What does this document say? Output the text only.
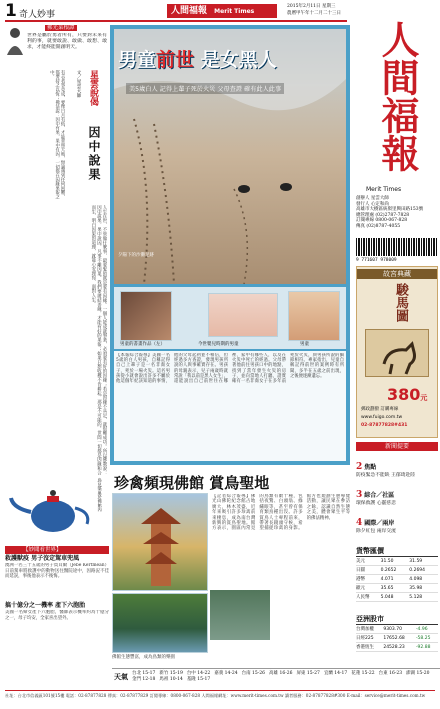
1 奇人妙事	人間福報 Merit Times
2015年2月11日 星期三
農曆甲午年十二月二十三日
佛光菜根譚
世界是屬於勇者所有，只要對未來有利的事，就要敢說、敢做、敢想、敢求，才能終能開創明天。
有志者事竟成，要像日月有恆，才能普照大地，無論遇到任何困難，都要持之以恆；佛法說：因中有果，果中有因，一切都在因緣果報之中。	星雲說偈
文／星雲大師
因中說果
人生在世，不管做什麼事，最要緊的就是要有因緣。一個人能成就事業，必須要有好的因緣；若是因緣不具足，就很難成功。所以佛教說：因中說果，果中說因，凡事不離因果。我們要廣結善緣，才能有好的果報；如果只想收穫不肯耕耘，那是不可能的。世間一切都是因緣和合而生，明白因果的道理，就能心安理得，面對人生。
男童前世 是女黑人
美5歲白人 記得上輩子死於火災 父母查證 確有此人此事
夕陽下的沙灘足跡
男童的書畫作品（左）	今世嬰兒時期的男童	男童
【本報綜合報導】美國一名5歲的白人男孩，自稱記得自己上輩子是一名非裔女子，死於一場火災。這名男孩從小就會說出許多不屬於他這個年紀該知道的事情，他的父母起初並不相信，但經過多方查證，發現男孩所說的人與事確實存在。男孩的母親表示，兒子兩歲時就常說「我以前是黑人女生」，還能說出自己前世住在哪裡、家中有哪些人，以及在火災中死亡的經過。父母帶著他前往男孩口中的地點，找到了當年發生火災的房子，並向當地人打聽，證實確有一名非裔女子在多年前死於火災，與男孩所說的細節相符。專家指出，兒童自稱記得前世的案例時有所聞，多半在五歲之前出現，之後便逐漸遺忘。
鳥兒築巢於佛館內
【妙聞看世界】
救護獸疫 男子沒定駕車兜風
澳洲一名三十五歲的男子賈貝爾（Jebe Kertmean）日前駕車將救護中的動物送往醫院途中，因路況不佳而延誤，事後他表示不後悔。
搞十億分之一機率 產下六胞胎
美國一名婦女產下六胞胎，醫師表示機率約為十億分之一，母子均安，全家喜出望外。
珍禽頻現佛館 賞鳥聖地
佛館生態豐富，成為鳥類的樂園
【記者綜合報導】佛光山佛陀紀念館占地廣大，林木茂盛，近年來吸引許多珍禽前來棲息，成為南台灣新興的賞鳥聖地。館方表示，園區內常見的鳥類有數十種，包括夜鷺、白頭翁、綠繡眼等，甚至曾有保育類鳥種出沒。許多賞鳥人士專程前來，帶著長鏡頭守候，希望捕捉珍禽的身影。館方也規劃生態導覽活動，讓民眾在參訪之餘，認識自然生態之美，體會眾生平等的佛法精神。
人間福報
Merit Times
創辦人 星雲大師
發行人 心定和尚
高雄市大樹區統嶺里興田路153號
總管理處 (02)2787-7828
訂閱專線 0800-067-828
傳真 (02)8787-4055
9 771607 978009
故宮典藏
駿馬圖
380元
郵政劃撥 訂購專線
www.fuigo.com.tw
02-87877828#431
新聞提要
2 焦點
防疫緊急不能缺 王郁琦赴陸
3 綜合／社區
環保救護 心靈慈悲
4 國際／兩岸
除夕紅包 兩岸交流
貨幣匯價
美元	31.50	31.59
日圓	0.2652	0.2694
港幣	4.071	4.098
歐元	35.65	35.98
人民幣	5.048	5.128
亞洲股市
台灣加權	9303.70	-4.96
日經225	17652.68	-58.25
香港恆生	24528.23	-92.88
天氣 台北 15-17 新竹 15-19 台中 14-22 嘉義 14-24 台南 15-26 高雄 16-26 屏東 15-27 宜蘭 14-17 花蓮 15-22 台東 16-23 澎湖 15-20
金門 12-18 馬祖 10-14 基隆 15-17
社址：台北市信義區101號15樓 電話：02-87877828 傳真：02-87877829 訂閱專線：0800-067-828 人間福報網址：www.merit-times.com.tw 讀者服務：02-87877828#300 E-mail：service@merit-times.com.tw
